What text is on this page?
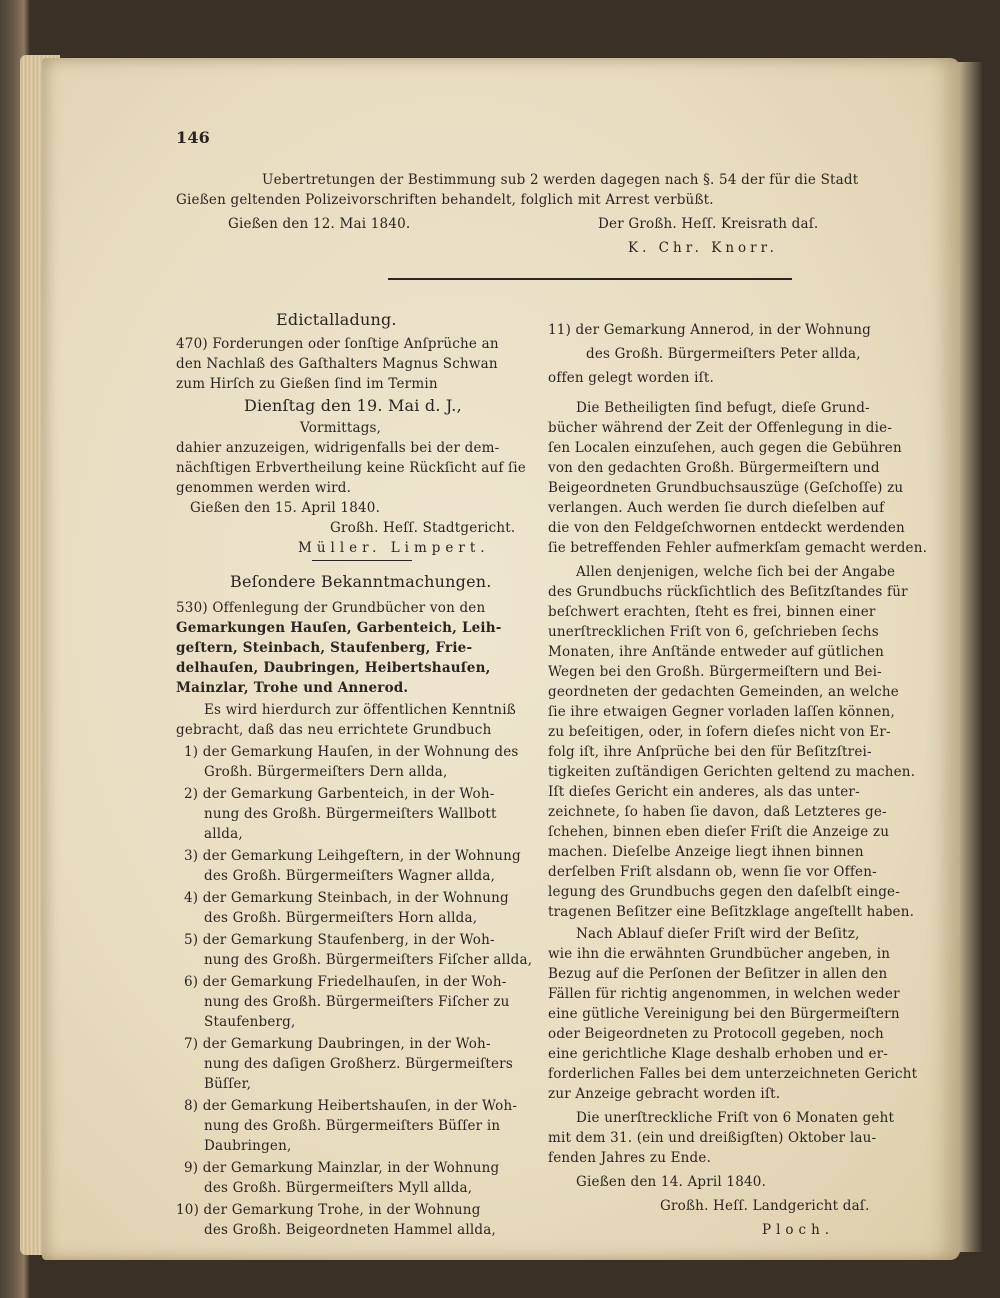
146
Uebertretungen der Bestimmung sub 2 werden dagegen nach §. 54 der für die Stadt
Gießen geltenden Polizeivorschriften behandelt, folglich mit Arrest verbüßt.
Gießen den 12. Mai 1840.	Der Großh. Heſſ. Kreisrath daſ.
K. Chr. Knorr.
Edictalladung.
470) Forderungen oder ſonſtige Anſprüche an
den Nachlaß des Gaſthalters Magnus Schwan
zum Hirſch zu Gießen ſind im Termin
Dienſtag den 19. Mai d. J.,
Vormittags,
dahier anzuzeigen, widrigenfalls bei der dem-
nächſtigen Erbvertheilung keine Rückſicht auf ſie
genommen werden wird.
Gießen den 15. April 1840.
Großh. Heſſ. Stadtgericht.
Müller. Limpert.
Beſondere Bekanntmachungen.
530) Offenlegung der Grundbücher von den
Gemarkungen Hauſen, Garbenteich, Leih-
geſtern, Steinbach, Staufenberg, Frie-
delhauſen, Daubringen, Heibertshauſen,
Mainzlar, Trohe und Annerod.
Es wird hierdurch zur öffentlichen Kenntniß
gebracht, daß das neu errichtete Grundbuch
1) der Gemarkung Hauſen, in der Wohnung des
Großh. Bürgermeiſters Dern allda,
2) der Gemarkung Garbenteich, in der Woh-
nung des Großh. Bürgermeiſters Wallbott
allda,
3) der Gemarkung Leihgeſtern, in der Wohnung
des Großh. Bürgermeiſters Wagner allda,
4) der Gemarkung Steinbach, in der Wohnung
des Großh. Bürgermeiſters Horn allda,
5) der Gemarkung Staufenberg, in der Woh-
nung des Großh. Bürgermeiſters Fiſcher allda,
6) der Gemarkung Friedelhauſen, in der Woh-
nung des Großh. Bürgermeiſters Fiſcher zu
Staufenberg,
7) der Gemarkung Daubringen, in der Woh-
nung des daſigen Großherz. Bürgermeiſters
Büſſer,
8) der Gemarkung Heibertshauſen, in der Woh-
nung des Großh. Bürgermeiſters Büſſer in
Daubringen,
9) der Gemarkung Mainzlar, in der Wohnung
des Großh. Bürgermeiſters Myll allda,
10) der Gemarkung Trohe, in der Wohnung
des Großh. Beigeordneten Hammel allda,
11) der Gemarkung Annerod, in der Wohnung
des Großh. Bürgermeiſters Peter allda,
offen gelegt worden iſt.
Die Betheiligten ſind befugt, dieſe Grund-
bücher während der Zeit der Offenlegung in die-
ſen Localen einzuſehen, auch gegen die Gebühren
von den gedachten Großh. Bürgermeiſtern und
Beigeordneten Grundbuchsauszüge (Geſchoſſe) zu
verlangen. Auch werden ſie durch dieſelben auf
die von den Feldgeſchwornen entdeckt werdenden
ſie betreffenden Fehler aufmerkſam gemacht werden.
Allen denjenigen, welche ſich bei der Angabe
des Grundbuchs rückſichtlich des Beſitzſtandes für
beſchwert erachten, ſteht es frei, binnen einer
unerſtrecklichen Friſt von 6, geſchrieben ſechs
Monaten, ihre Anſtände entweder auf gütlichen
Wegen bei den Großh. Bürgermeiſtern und Bei-
geordneten der gedachten Gemeinden, an welche
ſie ihre etwaigen Gegner vorladen laſſen können,
zu beſeitigen, oder, in ſofern dieſes nicht von Er-
folg iſt, ihre Anſprüche bei den für Beſitzſtrei-
tigkeiten zuſtändigen Gerichten geltend zu machen.
Iſt dieſes Gericht ein anderes, als das unter-
zeichnete, ſo haben ſie davon, daß Letzteres ge-
ſchehen, binnen eben dieſer Friſt die Anzeige zu
machen. Dieſelbe Anzeige liegt ihnen binnen
derſelben Friſt alsdann ob, wenn ſie vor Offen-
legung des Grundbuchs gegen den daſelbſt einge-
tragenen Beſitzer eine Beſitzklage angeſtellt haben.
Nach Ablauf dieſer Friſt wird der Beſitz,
wie ihn die erwähnten Grundbücher angeben, in
Bezug auf die Perſonen der Beſitzer in allen den
Fällen für richtig angenommen, in welchen weder
eine gütliche Vereinigung bei den Bürgermeiſtern
oder Beigeordneten zu Protocoll gegeben, noch
eine gerichtliche Klage deshalb erhoben und er-
forderlichen Falles bei dem unterzeichneten Gericht
zur Anzeige gebracht worden iſt.
Die unerſtreckliche Friſt von 6 Monaten geht
mit dem 31. (ein und dreißigſten) Oktober lau-
fenden Jahres zu Ende.
Gießen den 14. April 1840.
Großh. Heſſ. Landgericht daſ.
Ploch.
